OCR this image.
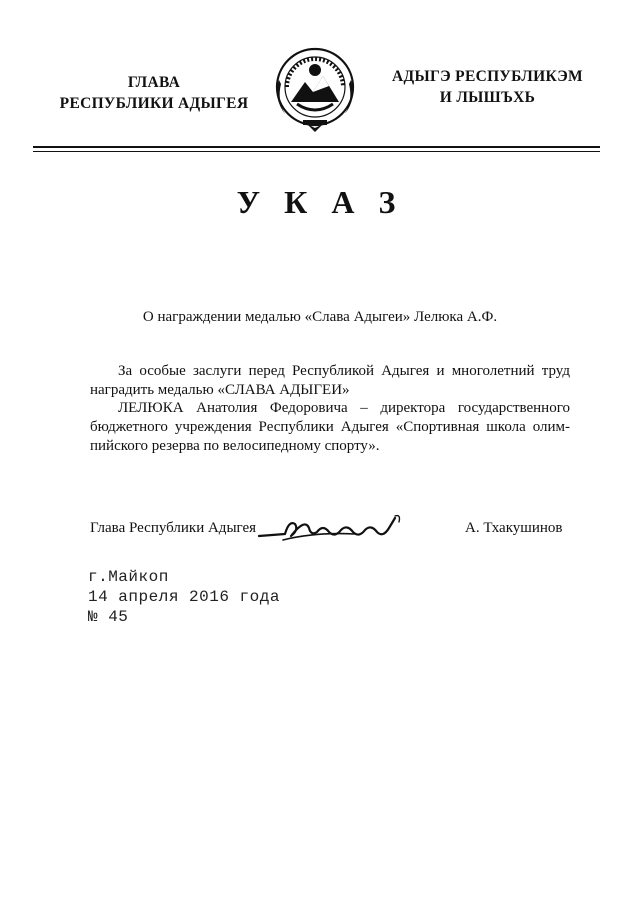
ГЛАВА
РЕСПУБЛИКИ АДЫГЕЯ
АДЫГЭ РЕСПУБЛИКЭМ
И ЛЫШЪХЬ
У К А З
О награждении медалью «Слава Адыгеи» Лелюка А.Ф.
За особые заслуги перед Республикой Адыгея и многолетний труд
наградить медалью «СЛАВА АДЫГЕИ»
ЛЕЛЮКА Анатолия Федоровича – директора государственного
бюджетного учреждения Республики Адыгея «Спортивная школа олим-
пийского резерва по велосипедному спорту».
Глава Республики Адыгея	А. Тхакушинов
г.Майкоп
14 апреля 2016 года
№ 45
